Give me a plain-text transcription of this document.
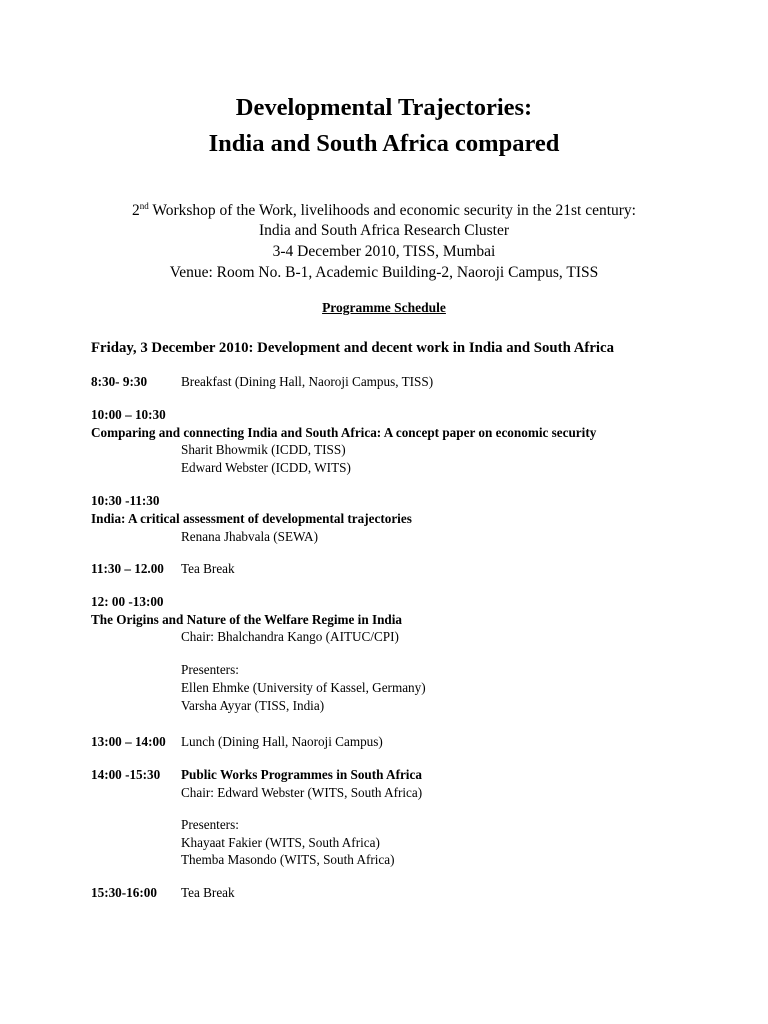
Developmental Trajectories:
India and South Africa compared
2nd Workshop of the Work, livelihoods and economic security in the 21st century:
India and South Africa Research Cluster
3-4 December 2010, TISS, Mumbai
Venue: Room No. B-1, Academic Building-2, Naoroji Campus, TISS
Programme Schedule
Friday, 3 December 2010: Development and decent work in India and South Africa
8:30- 9:30	Breakfast (Dining Hall, Naoroji Campus, TISS)
10:00 – 10:30
Comparing and connecting India and South Africa: A concept paper on economic security
Sharit Bhowmik (ICDD, TISS)
Edward Webster (ICDD, WITS)
10:30 -11:30
India: A critical assessment of developmental trajectories
Renana Jhabvala (SEWA)
11:30 – 12.00 Tea Break
12: 00 -13:00
The Origins and Nature of the Welfare Regime in India
Chair: Bhalchandra Kango (AITUC/CPI)
Presenters:
Ellen Ehmke (University of Kassel, Germany)
Varsha Ayyar (TISS, India)
13:00 – 14:00 Lunch (Dining Hall, Naoroji Campus)
14:00 -15:30 Public Works Programmes in South Africa
Chair: Edward Webster (WITS, South Africa)
Presenters:
Khayaat Fakier (WITS, South Africa)
Themba Masondo (WITS, South Africa)
15:30-16:00 Tea Break
